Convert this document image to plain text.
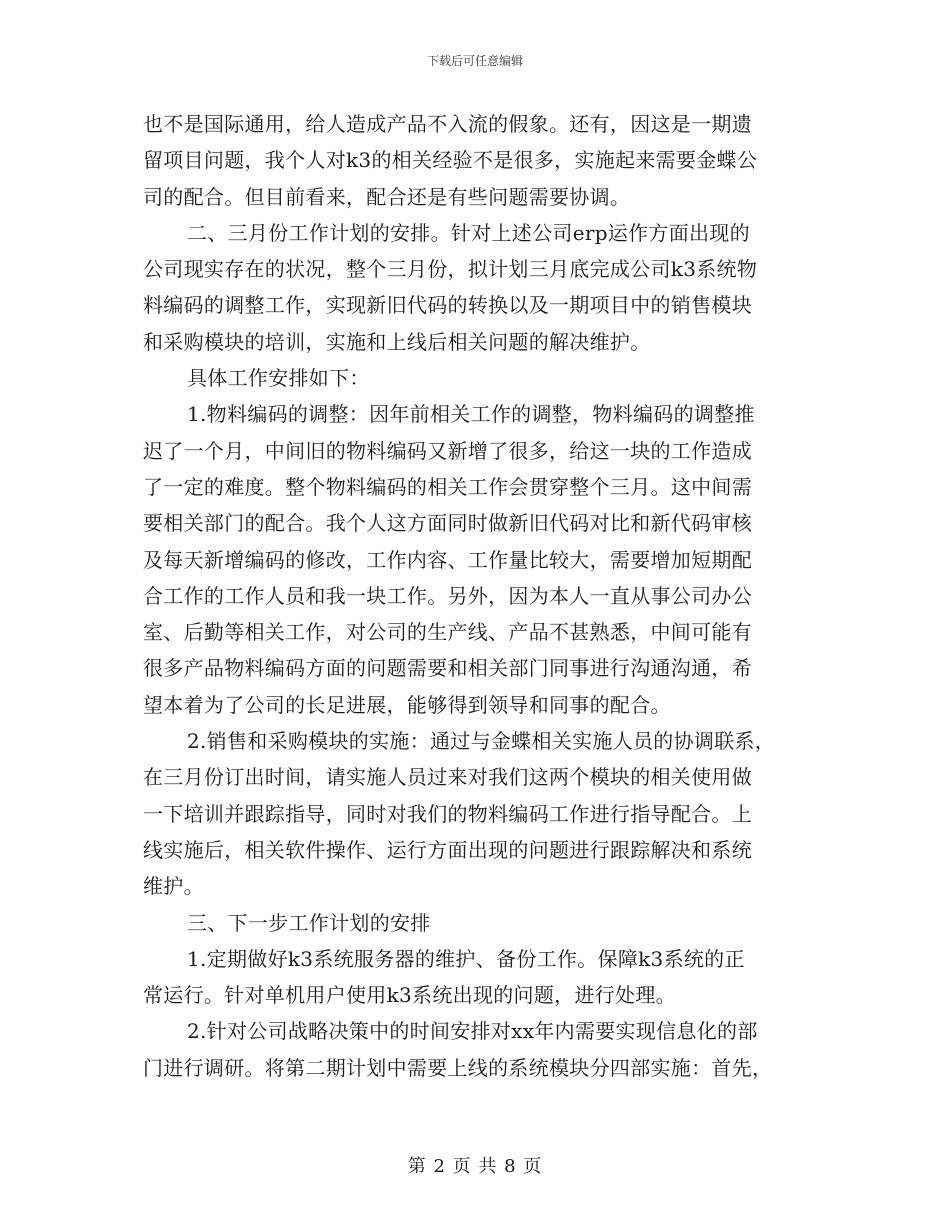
下载后可任意编辑
也不是国际通用，给人造成产品不入流的假象。还有，因这是一期遗
留项目问题，我个人对k3的相关经验不是很多，实施起来需要金蝶公
司的配合。但目前看来，配合还是有些问题需要协调。
二、三月份工作计划的安排。针对上述公司erp运作方面出现的
公司现实存在的状况，整个三月份，拟计划三月底完成公司k3系统物
料编码的调整工作，实现新旧代码的转换以及一期项目中的销售模块
和采购模块的培训，实施和上线后相关问题的解决维护。
具体工作安排如下：
1.物料编码的调整：因年前相关工作的调整，物料编码的调整推
迟了一个月，中间旧的物料编码又新增了很多，给这一块的工作造成
了一定的难度。整个物料编码的相关工作会贯穿整个三月。这中间需
要相关部门的配合。我个人这方面同时做新旧代码对比和新代码审核
及每天新增编码的修改，工作内容、工作量比较大，需要增加短期配
合工作的工作人员和我一块工作。另外，因为本人一直从事公司办公
室、后勤等相关工作，对公司的生产线、产品不甚熟悉，中间可能有
很多产品物料编码方面的问题需要和相关部门同事进行沟通沟通，希
望本着为了公司的长足进展，能够得到领导和同事的配合。
2.销售和采购模块的实施：通过与金蝶相关实施人员的协调联系，
在三月份订出时间，请实施人员过来对我们这两个模块的相关使用做
一下培训并跟踪指导，同时对我们的物料编码工作进行指导配合。上
线实施后，相关软件操作、运行方面出现的问题进行跟踪解决和系统
维护。
三、下一步工作计划的安排
1.定期做好k3系统服务器的维护、备份工作。保障k3系统的正
常运行。针对单机用户使用k3系统出现的问题，进行处理。
2.针对公司战略决策中的时间安排对xx年内需要实现信息化的部
门进行调研。将第二期计划中需要上线的系统模块分四部实施：首先，
第 2 页 共 8 页
